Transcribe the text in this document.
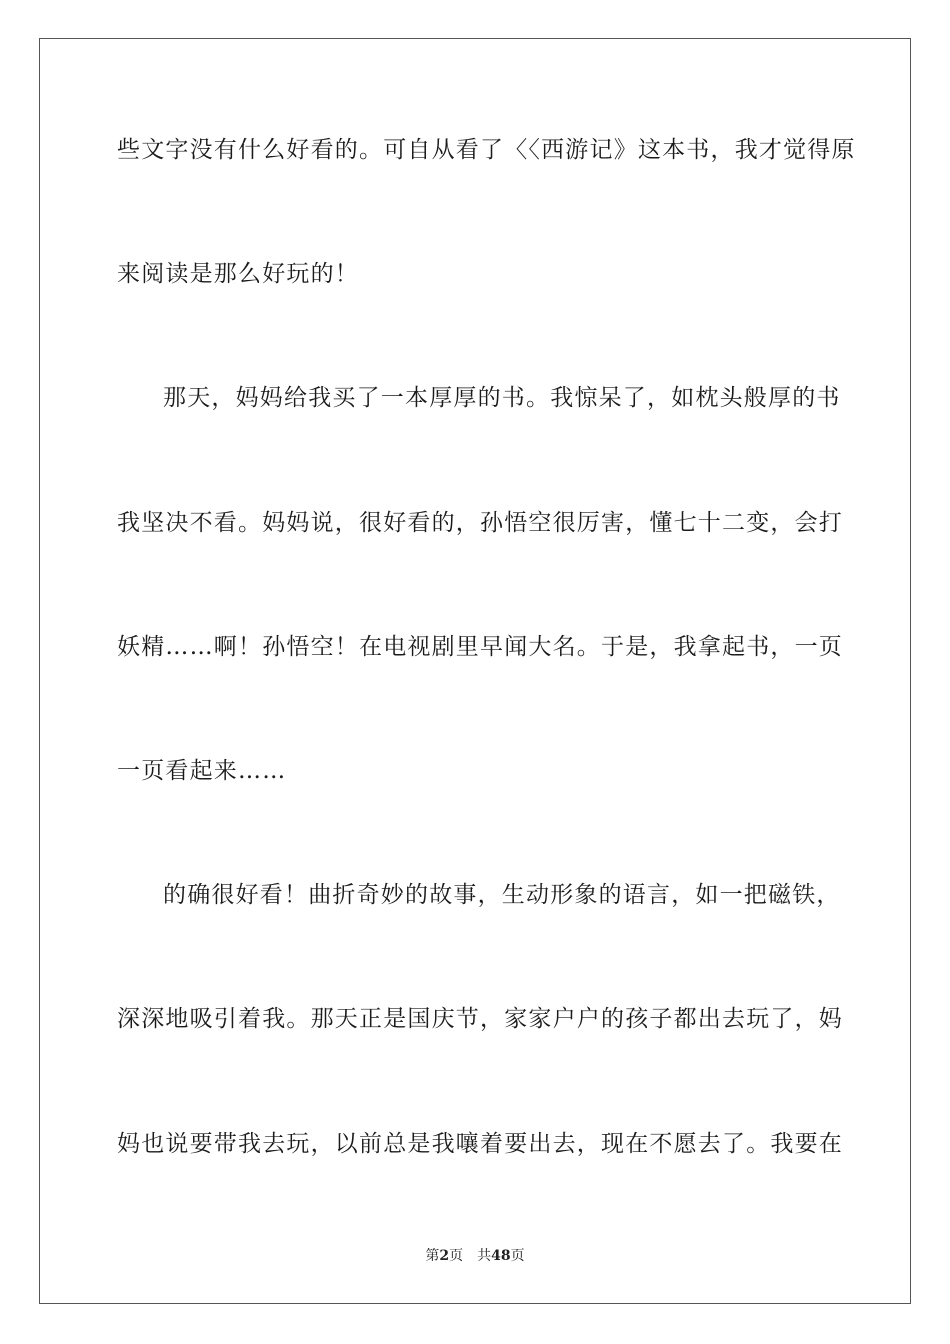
些文字没有什么好看的。可自从看了〈〈西游记》这本书，我才觉得原
来阅读是那么好玩的！
那天，妈妈给我买了一本厚厚的书。我惊呆了，如枕头般厚的书
我坚决不看。妈妈说，很好看的，孙悟空很厉害，懂七十二变，会打
妖精……啊！孙悟空！在电视剧里早闻大名。于是，我拿起书，一页
一页看起来……
的确很好看！曲折奇妙的故事，生动形象的语言，如一把磁铁，
深深地吸引着我。那天正是国庆节，家家户户的孩子都出去玩了，妈
妈也说要带我去玩，以前总是我嚷着要出去，现在不愿去了。我要在
第2页 共48页
